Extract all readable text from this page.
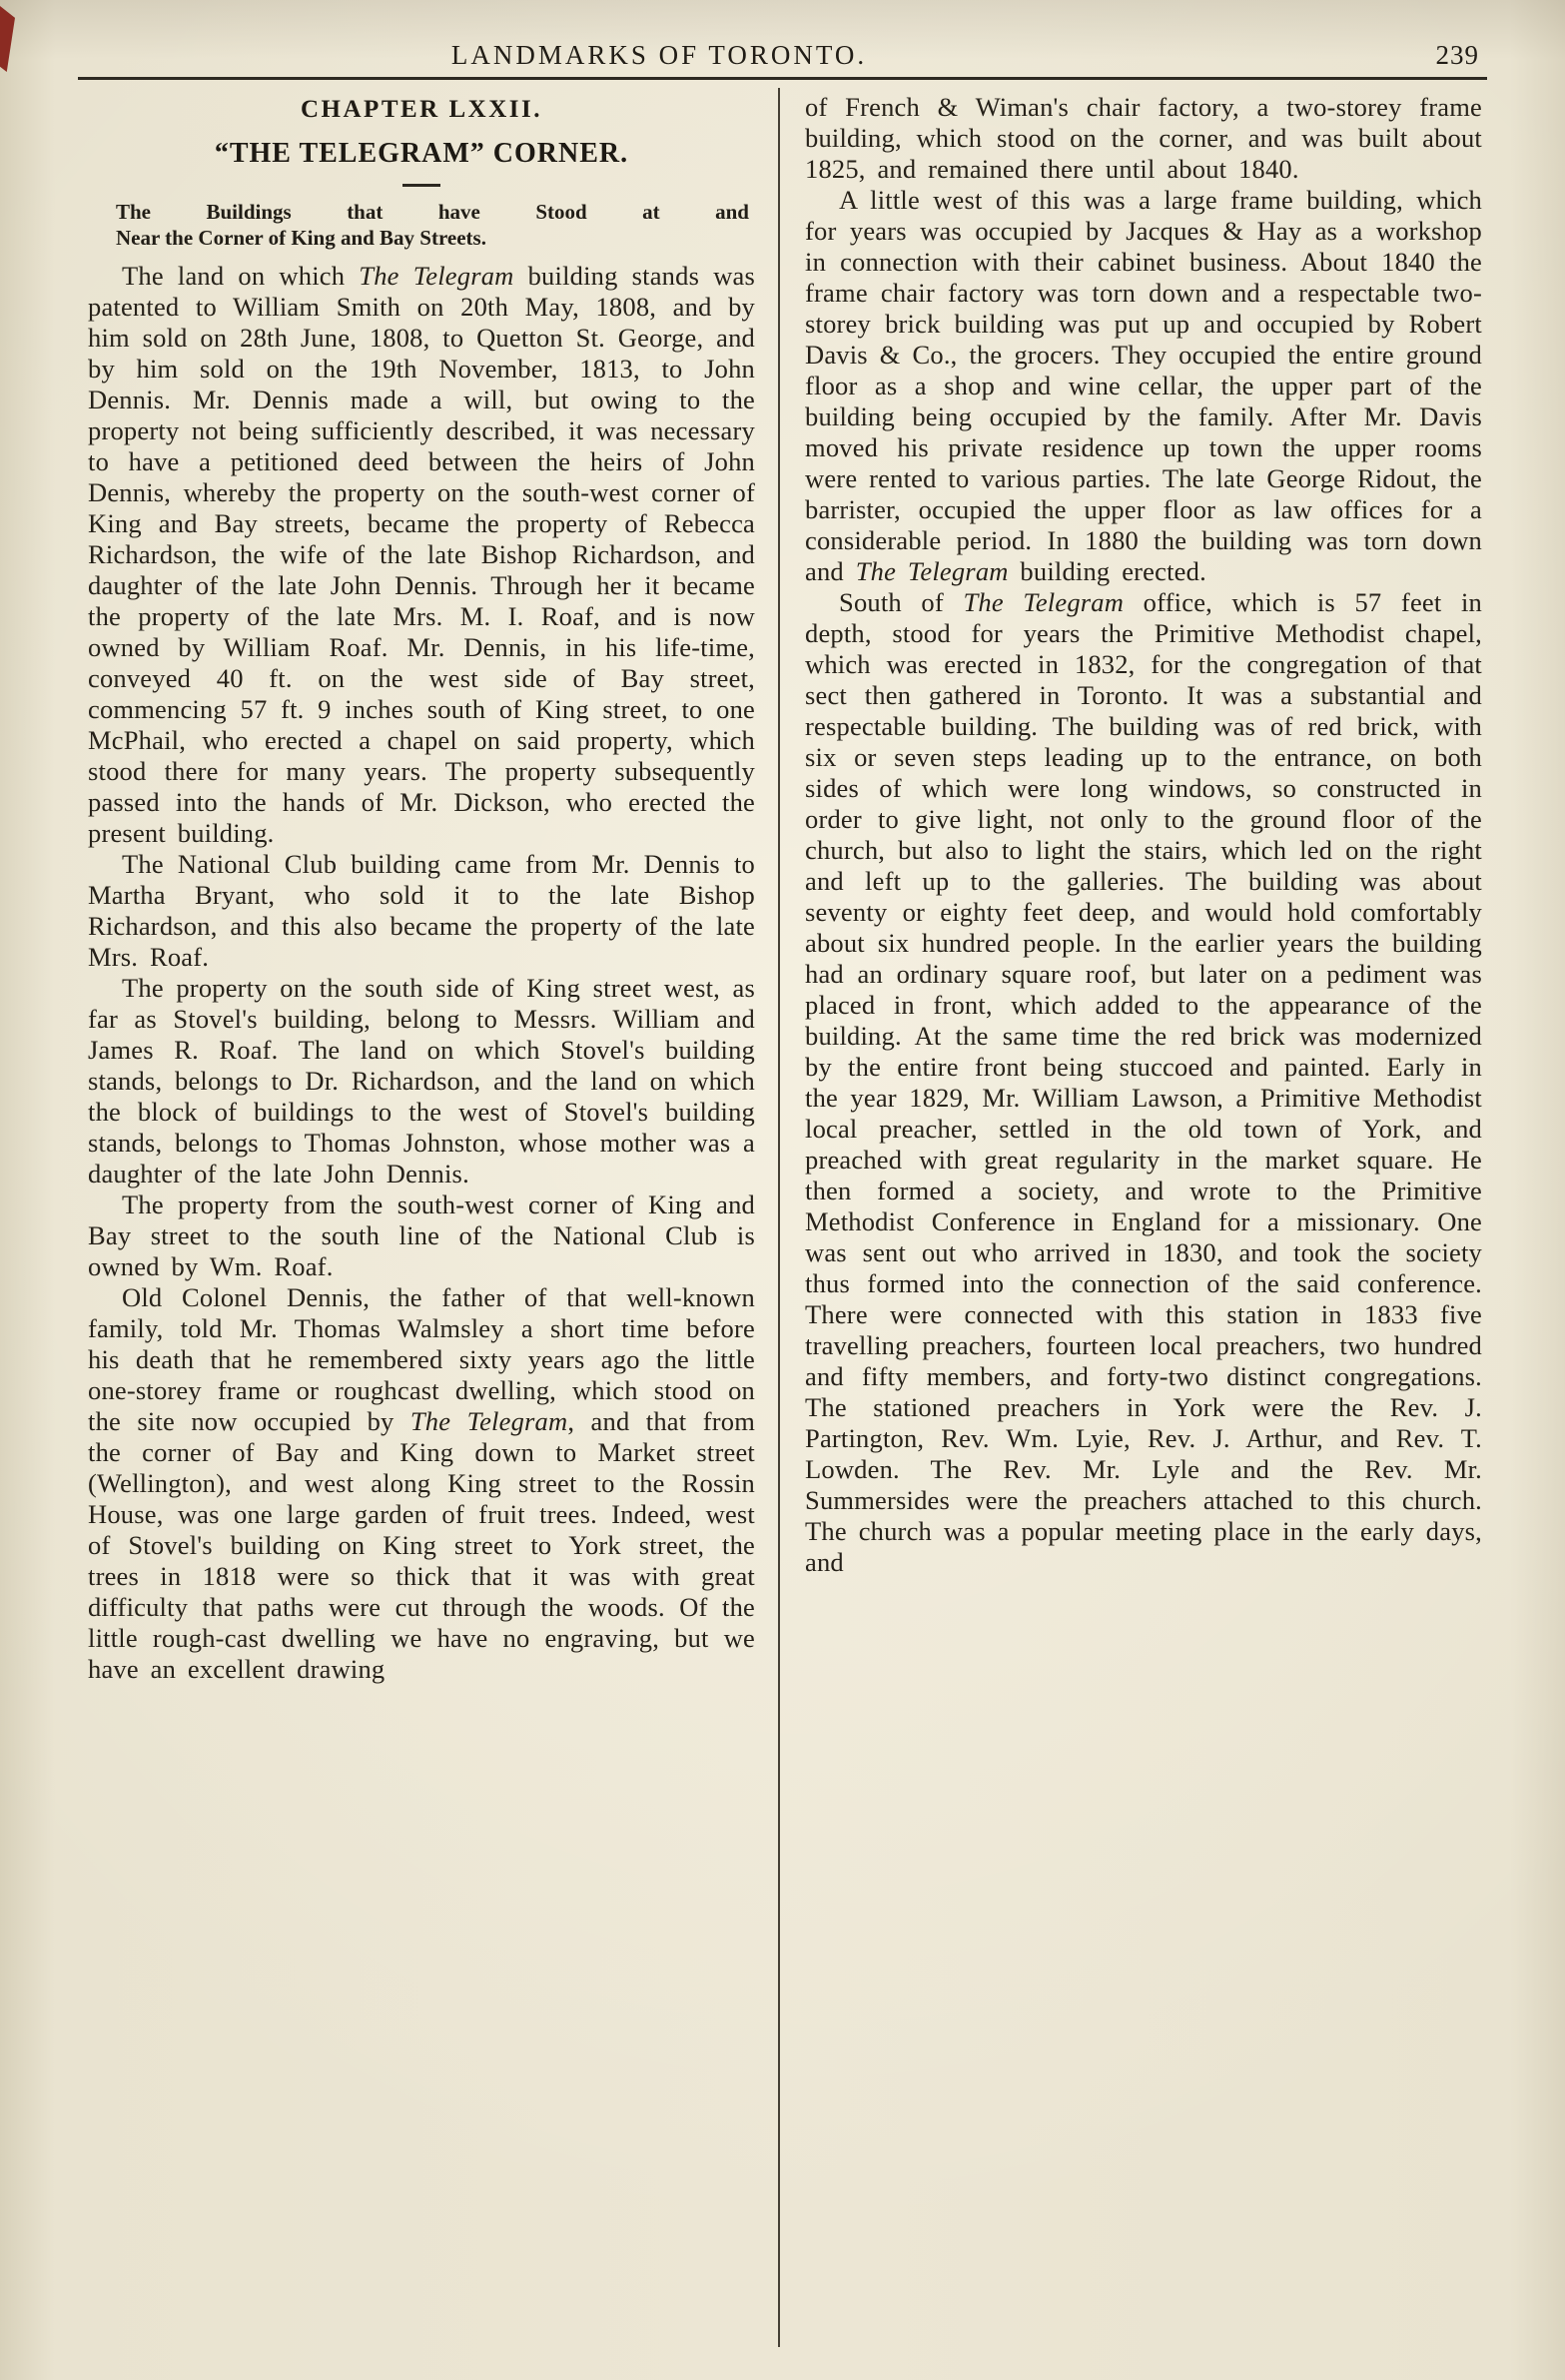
LANDMARKS OF TORONTO.	239
CHAPTER LXXII.
“THE TELEGRAM” CORNER.
The Buildings that have Stood at and
Near the Corner of King and Bay Streets.

The land on which The Telegram building stands was patented to William Smith on 20th May, 1808, and by him sold on 28th June, 1808, to Quetton St. George, and by him sold on the 19th November, 1813, to John Dennis. Mr. Dennis made a will, but owing to the property not being sufficiently described, it was necessary to have a petitioned deed between the heirs of John Dennis, whereby the property on the south-west corner of King and Bay streets, became the property of Rebecca Richardson, the wife of the late Bishop Richardson, and daughter of the late John Dennis. Through her it became the property of the late Mrs. M. I. Roaf, and is now owned by William Roaf. Mr. Dennis, in his life-time, conveyed 40 ft. on the west side of Bay street, commencing 57 ft. 9 inches south of King street, to one McPhail, who erected a chapel on said property, which stood there for many years. The property subsequently passed into the hands of Mr. Dickson, who erected the present building.

The National Club building came from Mr. Dennis to Martha Bryant, who sold it to the late Bishop Richardson, and this also became the property of the late Mrs. Roaf.

The property on the south side of King street west, as far as Stovel's building, belong to Messrs. William and James R. Roaf. The land on which Stovel's building stands, belongs to Dr. Richardson, and the land on which the block of buildings to the west of Stovel's building stands, belongs to Thomas Johnston, whose mother was a daughter of the late John Dennis.

The property from the south-west corner of King and Bay street to the south line of the National Club is owned by Wm. Roaf.

Old Colonel Dennis, the father of that well-known family, told Mr. Thomas Walmsley a short time before his death that he remembered sixty years ago the little one-storey frame or roughcast dwelling, which stood on the site now occupied by The Telegram, and that from the corner of Bay and King down to Market street (Wellington), and west along King street to the Rossin House, was one large garden of fruit trees. Indeed, west of Stovel's building on King street to York street, the trees in 1818 were so thick that it was with great difficulty that paths were cut through the woods. Of the little rough-cast dwelling we have no engraving, but we have an excellent drawing

of French & Wiman's chair factory, a two-storey frame building, which stood on the corner, and was built about 1825, and remained there until about 1840.

A little west of this was a large frame building, which for years was occupied by Jacques & Hay as a workshop in connection with their cabinet business. About 1840 the frame chair factory was torn down and a respectable two-storey brick building was put up and occupied by Robert Davis & Co., the grocers. They occupied the entire ground floor as a shop and wine cellar, the upper part of the building being occupied by the family. After Mr. Davis moved his private residence up town the upper rooms were rented to various parties. The late George Ridout, the barrister, occupied the upper floor as law offices for a considerable period. In 1880 the building was torn down and The Telegram building erected.

South of The Telegram office, which is 57 feet in depth, stood for years the Primitive Methodist chapel, which was erected in 1832, for the congregation of that sect then gathered in Toronto. It was a substantial and respectable building. The building was of red brick, with six or seven steps leading up to the entrance, on both sides of which were long windows, so constructed in order to give light, not only to the ground floor of the church, but also to light the stairs, which led on the right and left up to the galleries. The building was about seventy or eighty feet deep, and would hold comfortably about six hundred people. In the earlier years the building had an ordinary square roof, but later on a pediment was placed in front, which added to the appearance of the building. At the same time the red brick was modernized by the entire front being stuccoed and painted. Early in the year 1829, Mr. William Lawson, a Primitive Methodist local preacher, settled in the old town of York, and preached with great regularity in the market square. He then formed a society, and wrote to the Primitive Methodist Conference in England for a missionary. One was sent out who arrived in 1830, and took the society thus formed into the connection of the said conference. There were connected with this station in 1833 five travelling preachers, fourteen local preachers, two hundred and fifty members, and forty-two distinct congregations. The stationed preachers in York were the Rev. J. Partington, Rev. Wm. Lyie, Rev. J. Arthur, and Rev. T. Lowden. The Rev. Mr. Lyle and the Rev. Mr. Summersides were the preachers attached to this church. The church was a popular meeting place in the early days, and
